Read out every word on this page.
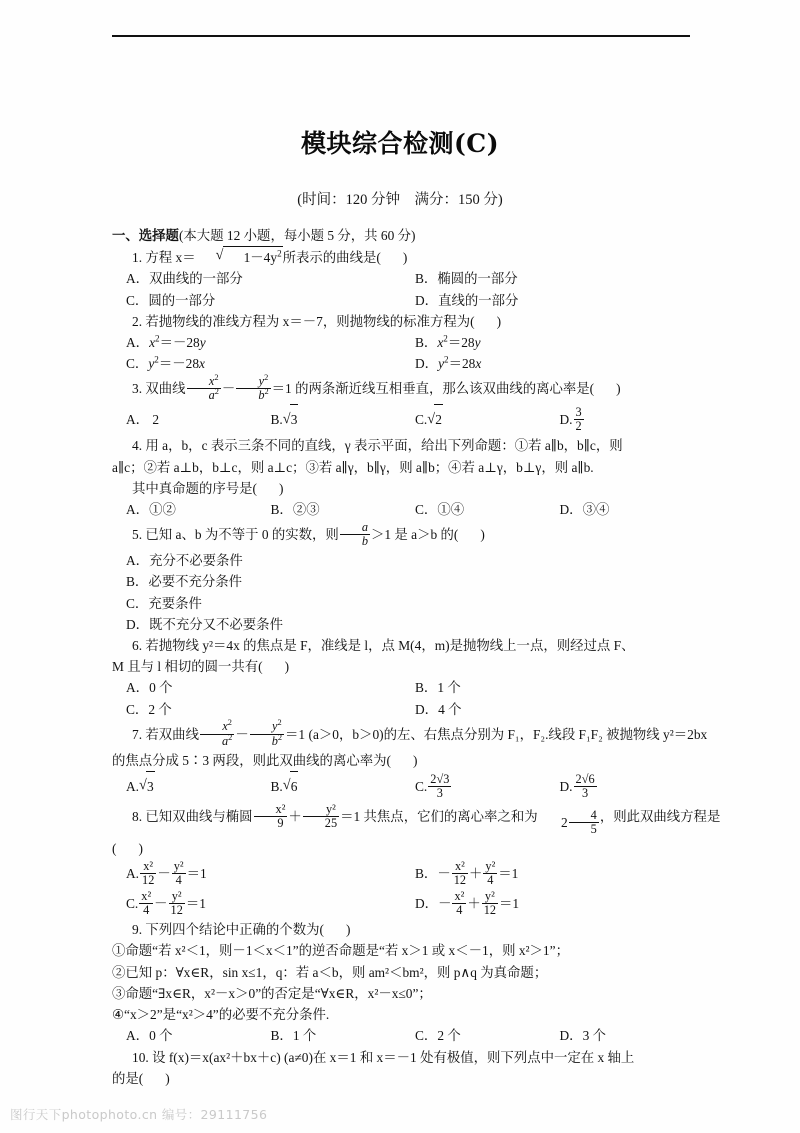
模块综合检测(C)
(时间：120 分钟　满分：150 分)
一、选择题(本大题 12 小题，每小题 5 分，共 60 分)
1. 方程 x＝	√ $1-4y^2$所表示的曲线是( )
A．双曲线的一部分	B．椭圆的一部分
C．圆的一部分	D．直线的一部分
2. 若抛物线的准线方程为 x＝－7，则抛物线的标准方程为( )
A．$x^2=-28y$	B．$x^2=28y$
C．$y^2=-28x$	D．$y^2=28x$
3. 双曲线 $\frac{x^2}{a^2} - \frac{y^2}{b^2} =1$ 的两条渐近线互相垂直，那么该双曲线的离心率是( )
A． 2	B. √ 3	C. √ 2	D. $\frac{3}{2}$
4. 用 a，b，c 表示三条不同的直线，γ 表示平面，给出下列命题：①若 a∥b，b∥c，则
a∥c；②若 a⊥b，b⊥c，则 a⊥c；③若 a∥γ，b∥γ，则 a∥b；④若 a⊥γ，b⊥γ，则 a∥b.
其中真命题的序号是( )
A．①②	B．②③	C．①④	D．③④
5. 已知 a、b 为不等于 0 的实数，则 $\frac{a}{b} >1$ 是 a＞b 的( )
A．充分不必要条件
B．必要不充分条件
C．充要条件
D．既不充分又不必要条件
6. 若抛物线 y²＝4x 的焦点是 F，准线是 l，点 M(4，m)是抛物线上一点，则经过点 F、
M 且与 l 相切的圆一共有( )
A．0 个	B．1 个
C．2 个	D．4 个
7. 若双曲线 $\frac{x^2}{a^2} - \frac{y^2}{b^2} =1$ (a＞0，b＞0)的左、右焦点分别为 F₁，F₂.线段 F₁F₂ 被抛物线 y²＝2bx
的焦点分成 5∶3 两段，则此双曲线的离心率为( )
A. √ 3	B. √ 6	C. $\frac{2√3}{3}$	D. $\frac{2√6}{3}$
8. 已知双曲线与椭圆 $\frac{\text{x²}}{9} + \frac{\text{y²}}{25} =1$ 共焦点，它们的离心率之和为 $2 \frac{4}{5}$ ，则此双曲线方程是
( )
A. $\frac{\text{x²}}{12} - \frac{\text{y²}}{4} =1$	B．－ $\frac{\text{x²}}{12} + \frac{\text{y²}}{4} =1$
C. $\frac{\text{x²}}{4} - \frac{\text{y²}}{12} =1$	D．－ $\frac{\text{x²}}{4} + \frac{\text{y²}}{12} =1$
9. 下列四个结论中正确的个数为( )
①命题“若 x²＜1，则－1＜x＜1”的逆否命题是“若 x＞1 或 x＜－1，则 x²＞1”；
②已知 p：∀x∈R，sin x≤1，q：若 a＜b，则 am²＜bm²，则 p∧q 为真命题；
③命题“∃x∈R，x²－x＞0”的否定是“∀x∈R，x²－x≤0”；
④“x＞2”是“x²＞4”的必要不充分条件.
A．0 个	B．1 个	C．2 个	D．3 个
10. 设 f(x)＝x(ax²＋bx＋c) (a≠0)在 x＝1 和 x＝－1 处有极值，则下列点中一定在 x 轴上
的是( )
图行天下photophoto.cn 编号：29111756
